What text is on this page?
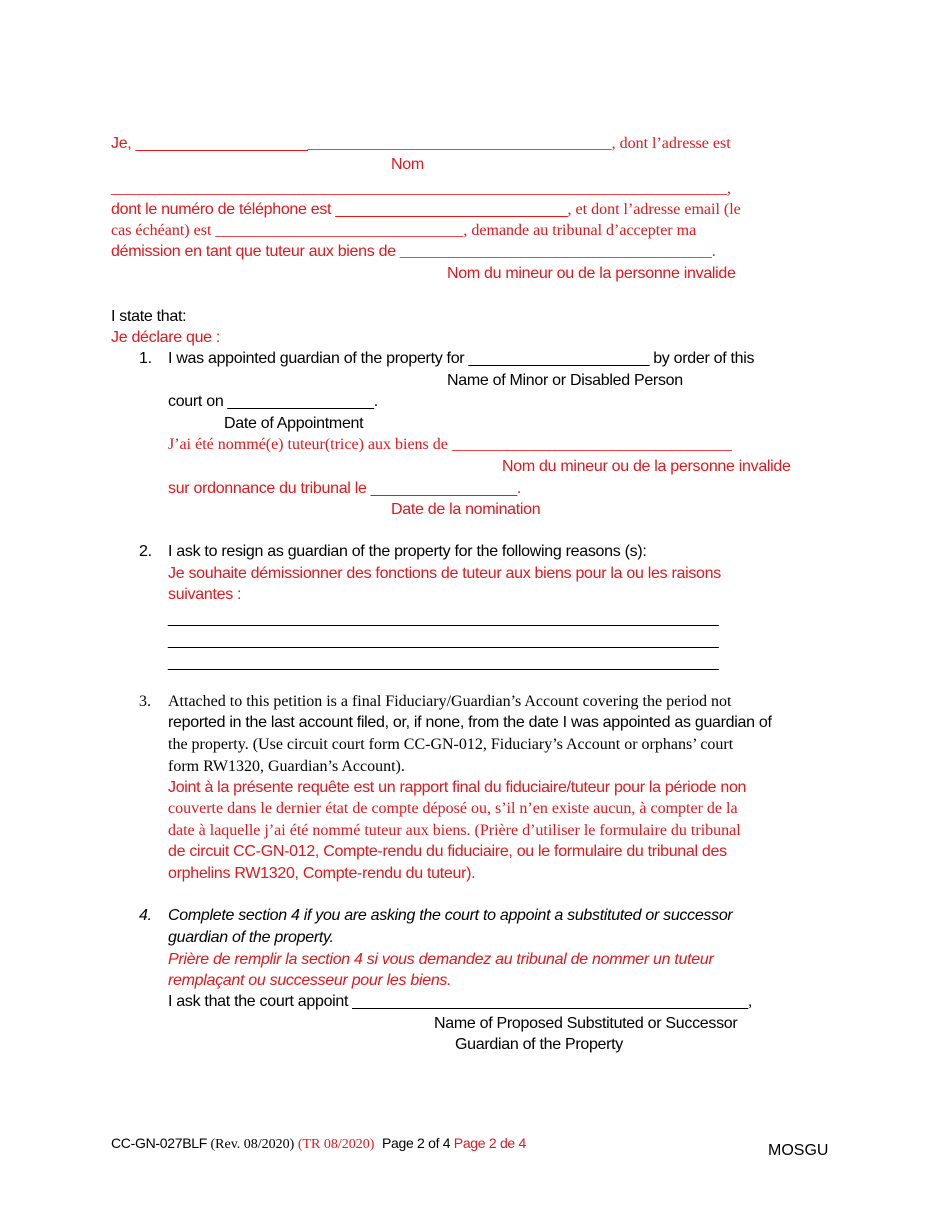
Je, __________________________________________________________, dont l’adresse est
Nom
_____________________________________________________________________________,
dont le numéro de téléphone est ___________________________, et dont l’adresse email (le
cas échéant) est _______________________________, demande au tribunal d’accepter ma
démission en tant que tuteur aux biens de _______________________________________.
Nom du mineur ou de la personne invalide
I state that:
Je déclare que :
1. I was appointed guardian of the property for _____________________ by order of this
Name of Minor or Disabled Person
court on _________________.
Date of Appointment
J’ai été nommé(e) tuteur(trice) aux biens de ___________________________________
Nom du mineur ou de la personne invalide
sur ordonnance du tribunal le _________________.
Date de la nomination
2. I ask to resign as guardian of the property for the following reasons (s):
Je souhaite démissionner des fonctions de tuteur aux biens pour la ou les raisons
suivantes :
________________________________________________________________
________________________________________________________________
________________________________________________________________
3. Attached to this petition is a final Fiduciary/Guardian’s Account covering the period not
reported in the last account filed, or, if none, from the date I was appointed as guardian of
the property. (Use circuit court form CC-GN-012, Fiduciary’s Account or orphans’ court
form RW1320, Guardian’s Account).
Joint à la présente requête est un rapport final du fiduciaire/tuteur pour la période non
couverte dans le dernier état de compte déposé ou, s’il n’en existe aucun, à compter de la
date à laquelle j’ai été nommé tuteur aux biens. (Prière d’utiliser le formulaire du tribunal
de circuit CC-GN-012, Compte-rendu du fiduciaire, ou le formulaire du tribunal des
orphelins RW1320, Compte-rendu du tuteur).
4. Complete section 4 if you are asking the court to appoint a substituted or successor
guardian of the property.
Prière de remplir la section 4 si vous demandez au tribunal de nommer un tuteur
remplaçant ou successeur pour les biens.
I ask that the court appoint ______________________________________________,
Name of Proposed Substituted or Successor
Guardian of the Property
CC-GN-027BLF (Rev. 08/2020) (TR 08/2020) Page 2 of 4 Page 2 de 4	MOSGU
